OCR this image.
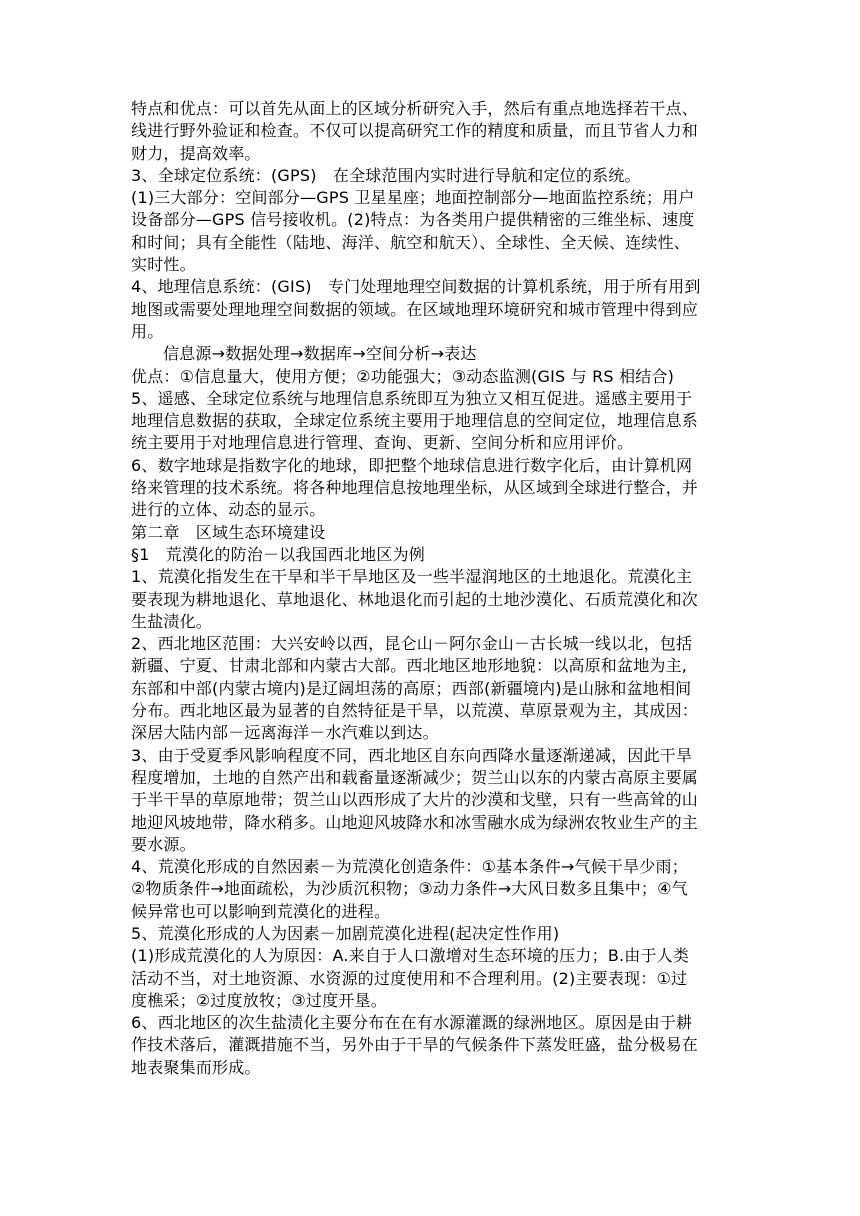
特点和优点：可以首先从面上的区域分析研究入手，然后有重点地选择若干点、
线进行野外验证和检查。不仅可以提高研究工作的精度和质量，而且节省人力和
财力，提高效率。
3、全球定位系统：(GPS)　在全球范围内实时进行导航和定位的系统。
(1)三大部分：空间部分—GPS 卫星星座；地面控制部分—地面监控系统；用户
设备部分—GPS 信号接收机。(2)特点：为各类用户提供精密的三维坐标、速度
和时间；具有全能性（陆地、海洋、航空和航天）、全球性、全天候、连续性、
实时性。
4、地理信息系统：(GIS)　专门处理地理空间数据的计算机系统，用于所有用到
地图或需要处理地理空间数据的领域。在区域地理环境研究和城市管理中得到应
用。
信息源→数据处理→数据库→空间分析→表达
优点：①信息量大，使用方便；②功能强大；③动态监测(GIS 与 RS 相结合)
5、遥感、全球定位系统与地理信息系统即互为独立又相互促进。遥感主要用于
地理信息数据的获取，全球定位系统主要用于地理信息的空间定位，地理信息系
统主要用于对地理信息进行管理、查询、更新、空间分析和应用评价。
6、数字地球是指数字化的地球，即把整个地球信息进行数字化后，由计算机网
络来管理的技术系统。将各种地理信息按地理坐标，从区域到全球进行整合，并
进行的立体、动态的显示。
第二章　区域生态环境建设
§1　荒漠化的防治－以我国西北地区为例
1、荒漠化指发生在干旱和半干旱地区及一些半湿润地区的土地退化。荒漠化主
要表现为耕地退化、草地退化、林地退化而引起的土地沙漠化、石质荒漠化和次
生盐渍化。
2、西北地区范围：大兴安岭以西，昆仑山－阿尔金山－古长城一线以北，包括
新疆、宁夏、甘肃北部和内蒙古大部。西北地区地形地貌：以高原和盆地为主,
东部和中部(内蒙古境内)是辽阔坦荡的高原；西部(新疆境内)是山脉和盆地相间
分布。西北地区最为显著的自然特征是干旱，以荒漠、草原景观为主，其成因：
深居大陆内部－远离海洋－水汽难以到达。
3、由于受夏季风影响程度不同，西北地区自东向西降水量逐渐递减，因此干旱
程度增加，土地的自然产出和载畜量逐渐减少；贺兰山以东的内蒙古高原主要属
于半干旱的草原地带；贺兰山以西形成了大片的沙漠和戈壁，只有一些高耸的山
地迎风坡地带，降水稍多。山地迎风坡降水和冰雪融水成为绿洲农牧业生产的主
要水源。
4、荒漠化形成的自然因素－为荒漠化创造条件：①基本条件→气候干旱少雨；
②物质条件→地面疏松，为沙质沉积物；③动力条件→大风日数多且集中；④气
候异常也可以影响到荒漠化的进程。
5、荒漠化形成的人为因素－加剧荒漠化进程(起决定性作用)
(1)形成荒漠化的人为原因：A.来自于人口激增对生态环境的压力；B.由于人类
活动不当，对土地资源、水资源的过度使用和不合理利用。(2)主要表现：①过
度樵采；②过度放牧；③过度开垦。
6、西北地区的次生盐渍化主要分布在在有水源灌溉的绿洲地区。原因是由于耕
作技术落后，灌溉措施不当，另外由于干旱的气候条件下蒸发旺盛，盐分极易在
地表聚集而形成。
